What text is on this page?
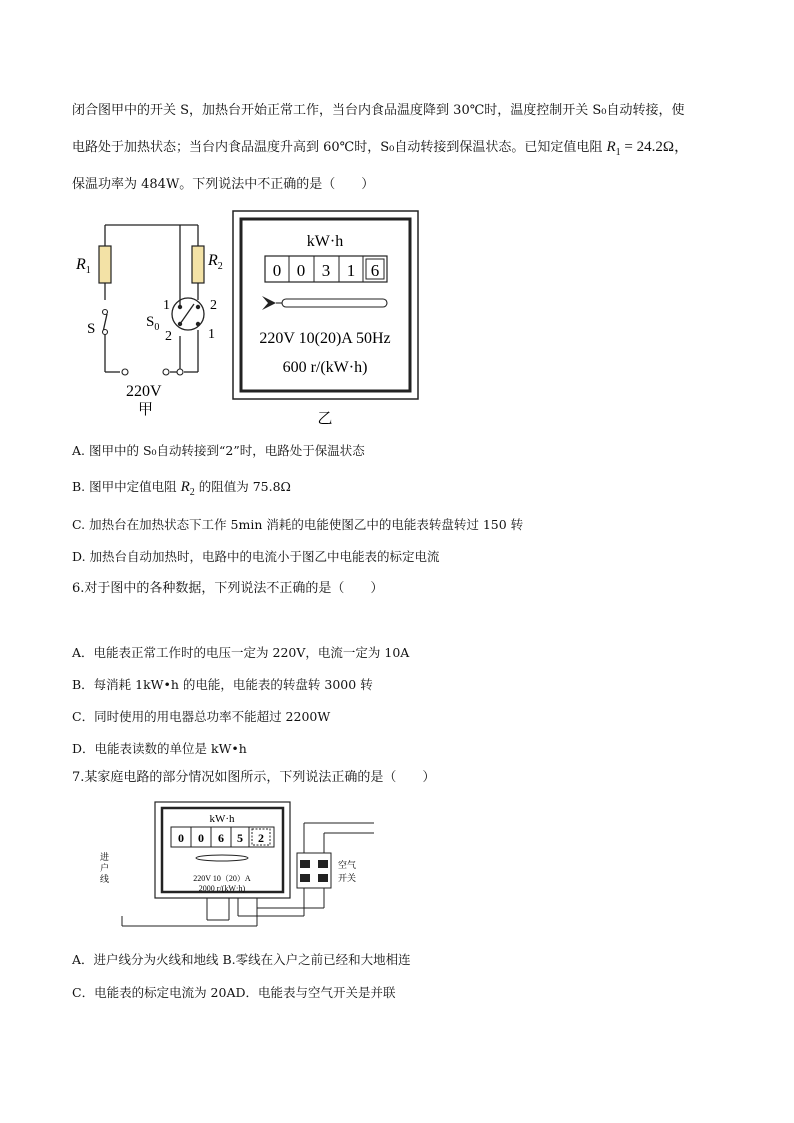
闭合图甲中的开关 S，加热台开始正常工作，当台内食品温度降到 30℃时，温度控制开关 S₀自动转接，使
电路处于加热状态；当台内食品温度升高到 60℃时，S₀自动转接到保温状态。已知定值电阻 $R_1 = 24.2\Omega$，
保温功率为 484W。下列说法中不正确的是（　　）
$R_1$
$R_2$
S	$S_0$
1
2
2
1
220V
甲
kW·h
0 0 3 1 6
220V 10(20)A 50Hz
600 r/(kW·h)
乙
A. 图甲中的 S₀自动转接到“2”时，电路处于保温状态
B. 图甲中定值电阻 $R_2$ 的阻值为 75.8Ω
C. 加热台在加热状态下工作 5min 消耗的电能使图乙中的电能表转盘转过 150 转
D. 加热台自动加热时，电路中的电流小于图乙中电能表的标定电流
6.对于图中的各种数据，下列说法不正确的是（　　）
A．电能表正常工作时的电压一定为 220V，电流一定为 10A
B．每消耗 1kW•h 的电能，电能表的转盘转 3000 转
C．同时使用的用电器总功率不能超过 2200W
D．电能表读数的单位是 kW•h
7.某家庭电路的部分情况如图所示，下列说法正确的是（　　）
kW·h
0 0 6 5 2
220V 10（20）A
2000 r/(kW·h)
进户线
空气
开关
A．进户线分为火线和地线 B.零线在入户之前已经和大地相连
C．电能表的标定电流为 20AD．电能表与空气开关是并联
